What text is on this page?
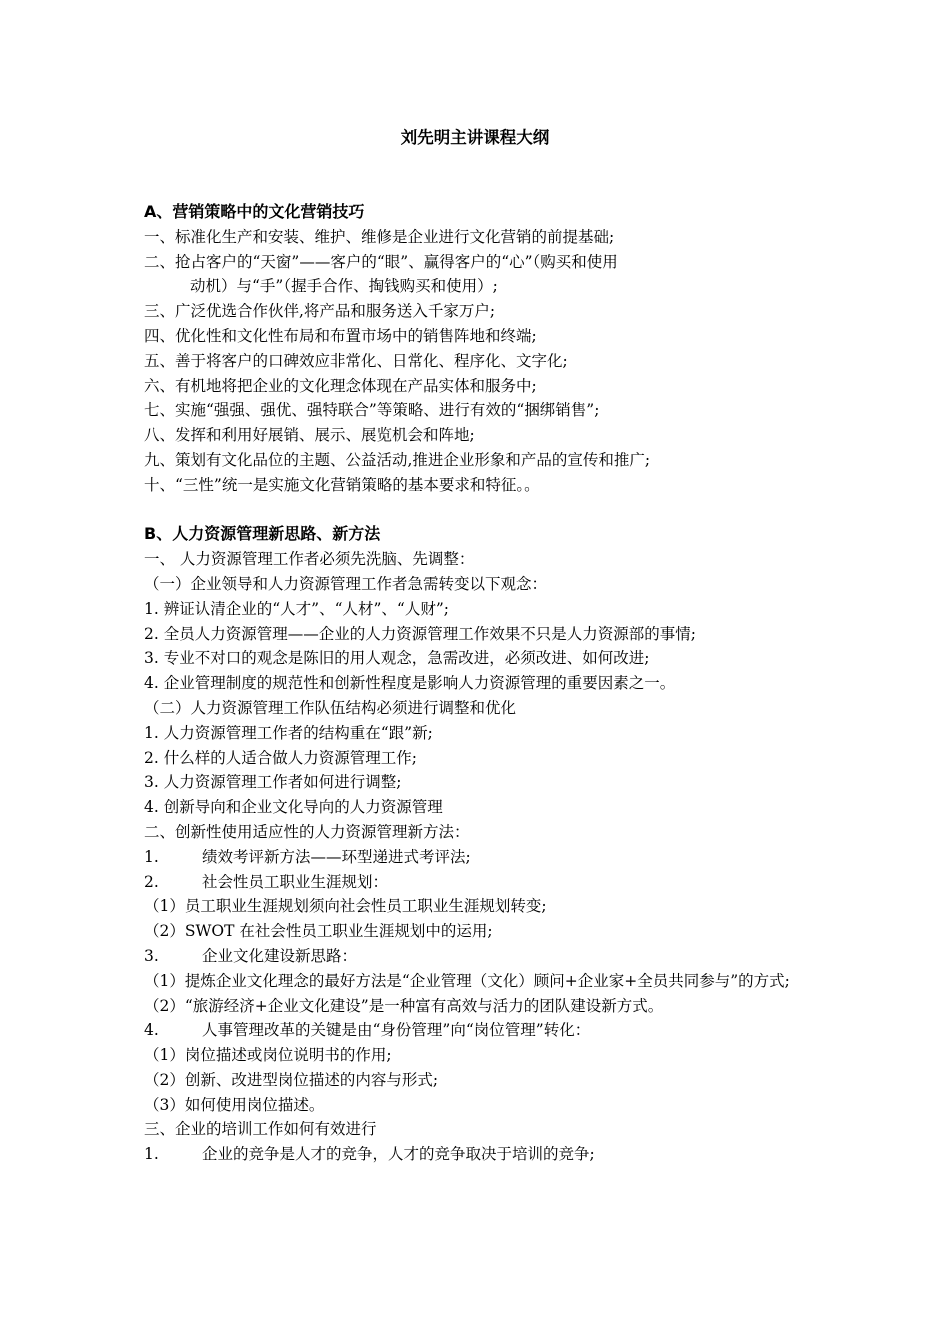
刘先明主讲课程大纲

A、营销策略中的文化营销技巧

一、标准化生产和安装、维护、维修是企业进行文化营销的前提基础;

二、抢占客户的“天窗”——客户的“眼”、赢得客户的“心”（购买和使用

动机）与“手”（握手合作、掏钱购买和使用）;

三、广泛优选合作伙伴,将产品和服务送入千家万户;

四、优化性和文化性布局和布置市场中的销售阵地和终端;

五、善于将客户的口碑效应非常化、日常化、程序化、文字化;

六、有机地将把企业的文化理念体现在产品实体和服务中;

七、实施“强强、强优、强特联合”等策略、进行有效的“捆绑销售”;

八、发挥和利用好展销、展示、展览机会和阵地;

九、策划有文化品位的主题、公益活动,推进企业形象和产品的宣传和推广;

十、“三性”统一是实施文化营销策略的基本要求和特征。。

B、人力资源管理新思路、新方法

一、 人力资源管理工作者必须先洗脑、先调整：

（一）企业领导和人力资源管理工作者急需转变以下观念：

1. 辨证认清企业的“人才”、“人材”、“人财”;

2. 全员人力资源管理——企业的人力资源管理工作效果不只是人力资源部的事情;

3. 专业不对口的观念是陈旧的用人观念，急需改进，必须改进、如何改进;

4. 企业管理制度的规范性和创新性程度是影响人力资源管理的重要因素之一。

（二）人力资源管理工作队伍结构必须进行调整和优化

1. 人力资源管理工作者的结构重在“跟”新;

2. 什么样的人适合做人力资源管理工作;

3. 人力资源管理工作者如何进行调整;

4. 创新导向和企业文化导向的人力资源管理

二、创新性使用适应性的人力资源管理新方法：

1.	绩效考评新方法——环型递进式考评法;

2.	社会性员工职业生涯规划：

（1）员工职业生涯规划须向社会性员工职业生涯规划转变;

（2）SWOT 在社会性员工职业生涯规划中的运用;

3.	企业文化建设新思路：

（1）提炼企业文化理念的最好方法是“企业管理（文化）顾问+企业家+全员共同参与”的方式;

（2）“旅游经济+企业文化建设”是一种富有高效与活力的团队建设新方式。

4.	人事管理改革的关键是由“身份管理”向“岗位管理”转化：

（1）岗位描述或岗位说明书的作用;

（2）创新、改进型岗位描述的内容与形式;

（3）如何使用岗位描述。

三、企业的培训工作如何有效进行

1.	企业的竞争是人才的竞争，人才的竞争取决于培训的竞争;
